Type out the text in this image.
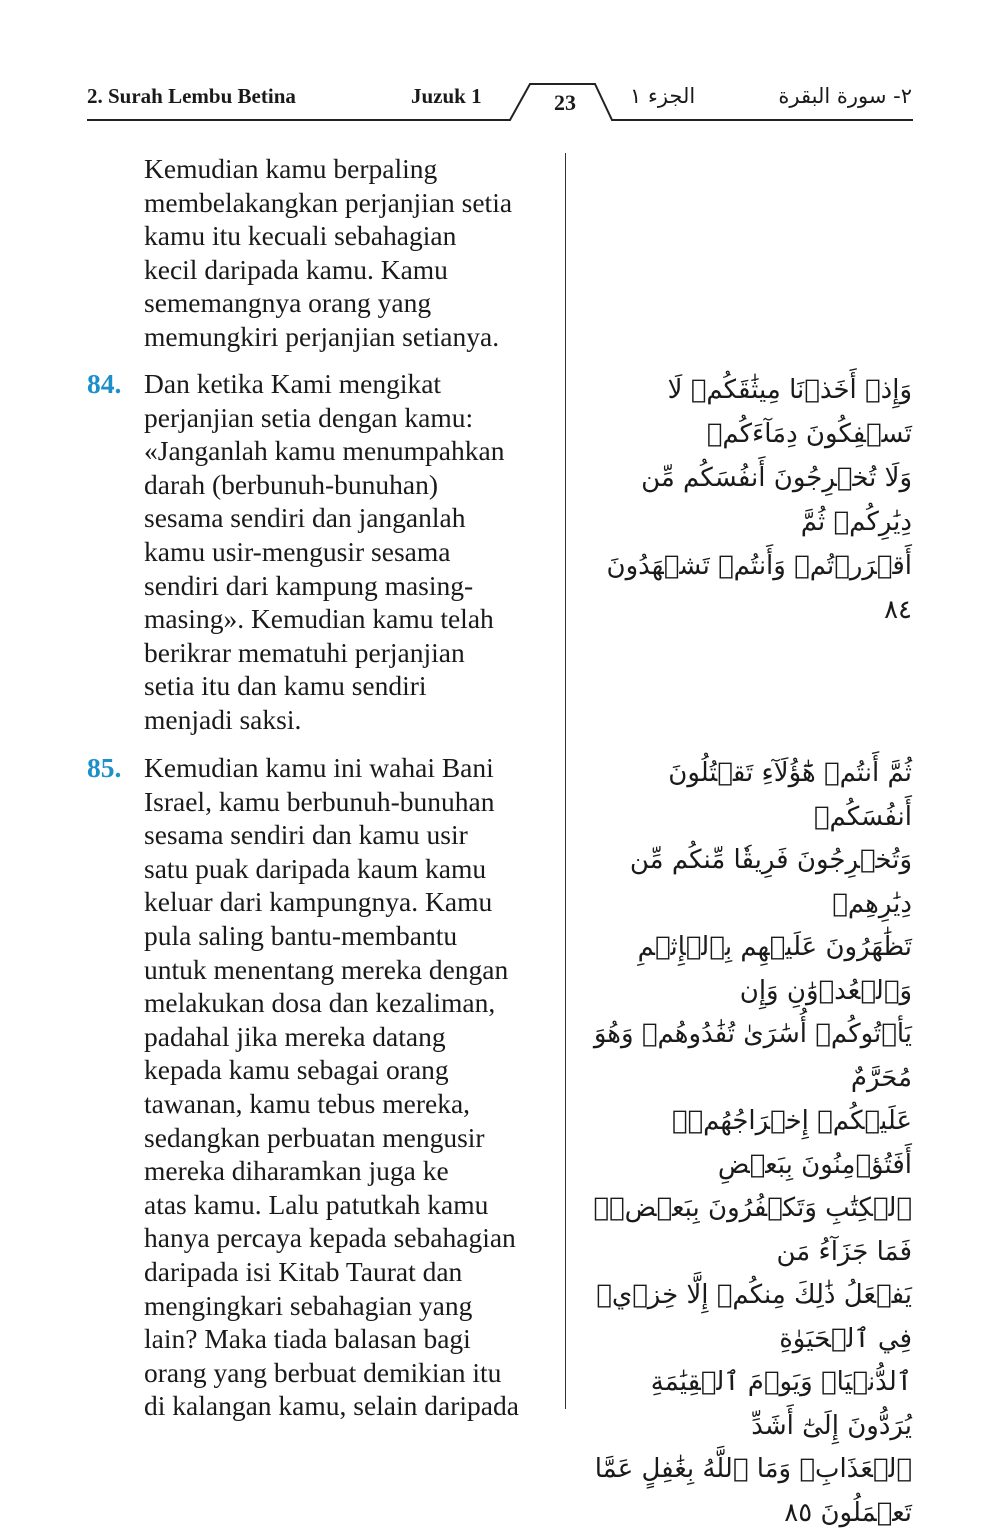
2. Surah Lembu Betina	Juzuk 1	23	الجزء ١	٢- سورة البقرة
Kemudian kamu berpaling
membelakangkan perjanjian setia
kamu itu kecuali sebahagian
kecil daripada kamu. Kamu
sememangnya orang yang
memungkiri perjanjian setianya.
84. Dan ketika Kami mengikat
perjanjian setia dengan kamu:
«Janganlah kamu menumpahkan
darah (berbunuh-bunuhan)
sesama sendiri dan janganlah
kamu usir-mengusir sesama
sendiri dari kampung masing-
masing». Kemudian kamu telah
berikrar mematuhi perjanjian
setia itu dan kamu sendiri
menjadi saksi.
وَإِذۡ أَخَذۡنَا مِيثَٰقَكُمۡ لَا تَسۡفِكُونَ دِمَآءَكُمۡ
وَلَا تُخۡرِجُونَ أَنفُسَكُم مِّن دِيَٰرِكُمۡ ثُمَّ
أَقۡرَرۡتُمۡ وَأَنتُمۡ تَشۡهَدُونَ ٨٤
85. Kemudian kamu ini wahai Bani
Israel, kamu berbunuh-bunuhan
sesama sendiri dan kamu usir
satu puak daripada kaum kamu
keluar dari kampungnya. Kamu
pula saling bantu-membantu
untuk menentang mereka dengan
melakukan dosa dan kezaliman,
padahal jika mereka datang
kepada kamu sebagai orang
tawanan, kamu tebus mereka,
sedangkan perbuatan mengusir
mereka diharamkan juga ke
atas kamu. Lalu patutkah kamu
hanya percaya kepada sebahagian
daripada isi Kitab Taurat dan
mengingkari sebahagian yang
lain? Maka tiada balasan bagi
orang yang berbuat demikian itu
di kalangan kamu, selain daripada
ثُمَّ أَنتُمۡ هَٰٓؤُلَآءِ تَقۡتُلُونَ أَنفُسَكُمۡ
وَتُخۡرِجُونَ فَرِيقٗا مِّنكُم مِّن دِيَٰرِهِمۡ
تَظَٰهَرُونَ عَلَيۡهِم بِٱلۡإِثۡمِ وَٱلۡعُدۡوَٰنِ وَإِن
يَأۡتُوكُمۡ أُسَٰرَىٰ تُفَٰدُوهُمۡ وَهُوَ مُحَرَّمٌ
عَلَيۡكُمۡ إِخۡرَاجُهُمۡۚ أَفَتُؤۡمِنُونَ بِبَعۡضِ
ٱلۡكِتَٰبِ وَتَكۡفُرُونَ بِبَعۡضٖۚ فَمَا جَزَآءُ مَن
يَفۡعَلُ ذَٰلِكَ مِنكُمۡ إِلَّا خِزۡيٞ فِي ٱلۡحَيَوٰةِ
ٱلدُّنۡيَاۖ وَيَوۡمَ ٱلۡقِيَٰمَةِ يُرَدُّونَ إِلَىٰٓ أَشَدِّ
ٱلۡعَذَابِۗ وَمَا ٱللَّهُ بِغَٰفِلٍ عَمَّا تَعۡمَلُونَ ٨٥
